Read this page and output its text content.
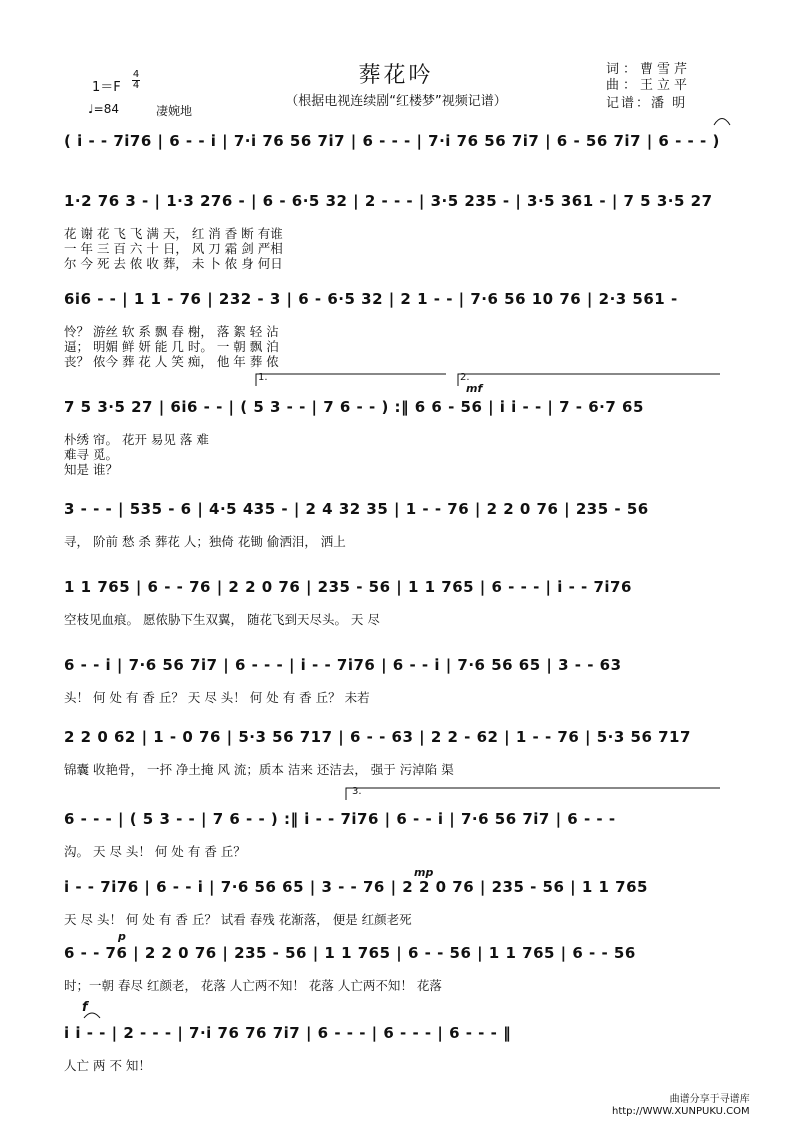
葬花吟
（根据电视连续剧“红楼梦”视频记谱）
词：曹雪芹
曲：王立平
记谱：潘 明
1＝F
4
4
♩=84	凄婉地
( i̇ - - 7i̇76 | 6 - - i̇ | 7·i̇ 76 56 7i̇7 | 6 - - - | 7·i̇ 76 56 7i̇7 | 6 - 56 7i̇7 | 6 - - - )
1·2 76 3 - | 1·3 276 - | 6 - 6·5 32 | 2 - - - | 3·5 235 - | 3·5 361 - | 7 5 3·5 27
花 谢 花 飞 飞 满 天， 红 消 香 断 有谁
一 年 三 百 六 十 日， 风 刀 霜 剑 严相
尔 今 死 去 侬 收 葬， 未 卜 侬 身 何日
6i6 - - | 1 1 - 76 | 232 - 3 | 6 - 6·5 32 | 2 1 - - | 7·6 56 10 76 | 2·3 561 -
怜？ 游丝 软 系 飘 春 榭， 落 絮 轻 沾
逼； 明媚 鲜 妍 能 几 时。 一 朝 飘 泊
丧？ 侬今 葬 花 人 笑 痴， 他 年 葬 侬
7 5 3·5 27 | 6i6 - - | ( 5 3 - - | 7 6 - - ) :‖ 6 6 - 56 | i̇ i̇ - - | 7 - 6·7 65
朴绣 帘。 花开 易见 落 难
难寻 觅。
知是 谁？
3 - - - | 535 - 6 | 4·5 435 - | 2 4 32 35 | 1 - - 76 | 2 2 0 76 | 235 - 56
寻， 阶前 愁 杀 葬花 人；独倚 花锄 偷洒泪， 洒上
1 1 765 | 6 - - 76 | 2 2 0 76 | 235 - 56 | 1 1 765 | 6 - - - | i̇ - - 7i̇76
空枝见血痕。 愿侬胁下生双翼， 随花飞到天尽头。 天 尽
6 - - i̇ | 7·6 56 7i̇7 | 6 - - - | i̇ - - 7i̇76 | 6 - - i̇ | 7·6 56 65 | 3 - - 63
头！ 何 处 有 香 丘？ 天 尽 头！ 何 处 有 香 丘？ 未若
2 2 0 62 | 1 - 0 76 | 5·3 56 717 | 6 - - 63 | 2 2 - 62 | 1 - - 76 | 5·3 56 717
锦囊 收艳骨， 一抔 净土掩 风 流；质本 洁来 还洁去， 强于 污淖陷 渠
6 - - - | ( 5 3 - - | 7 6 - - ) :‖ i̇ - - 7i̇76 | 6 - - i̇ | 7·6 56 7i̇7 | 6 - - -
沟。 天 尽 头！ 何 处 有 香 丘？
i̇ - - 7i̇76 | 6 - - i̇ | 7·6 56 65 | 3 - - 76 | 2 2 0 76 | 235 - 56 | 1 1 765
天 尽 头！ 何 处 有 香 丘？ 试看 春残 花渐落， 便是 红颜老死
6 - - 76 | 2 2 0 76 | 235 - 56 | 1 1 765 | 6 - - 56 | 1 1 765 | 6 - - 56
时；一朝 春尽 红颜老， 花落 人亡两不知！ 花落 人亡两不知！ 花落
i̇ i̇ - - | 2 - - - | 7·i̇ 76 76 7i̇7 | 6 - - - | 6 - - - | 6 - - - ‖
人亡 两 不 知！
1.	2.
mf
3.
mp
p
f
曲谱分享于寻谱库
http://WWW.XUNPUKU.COM
